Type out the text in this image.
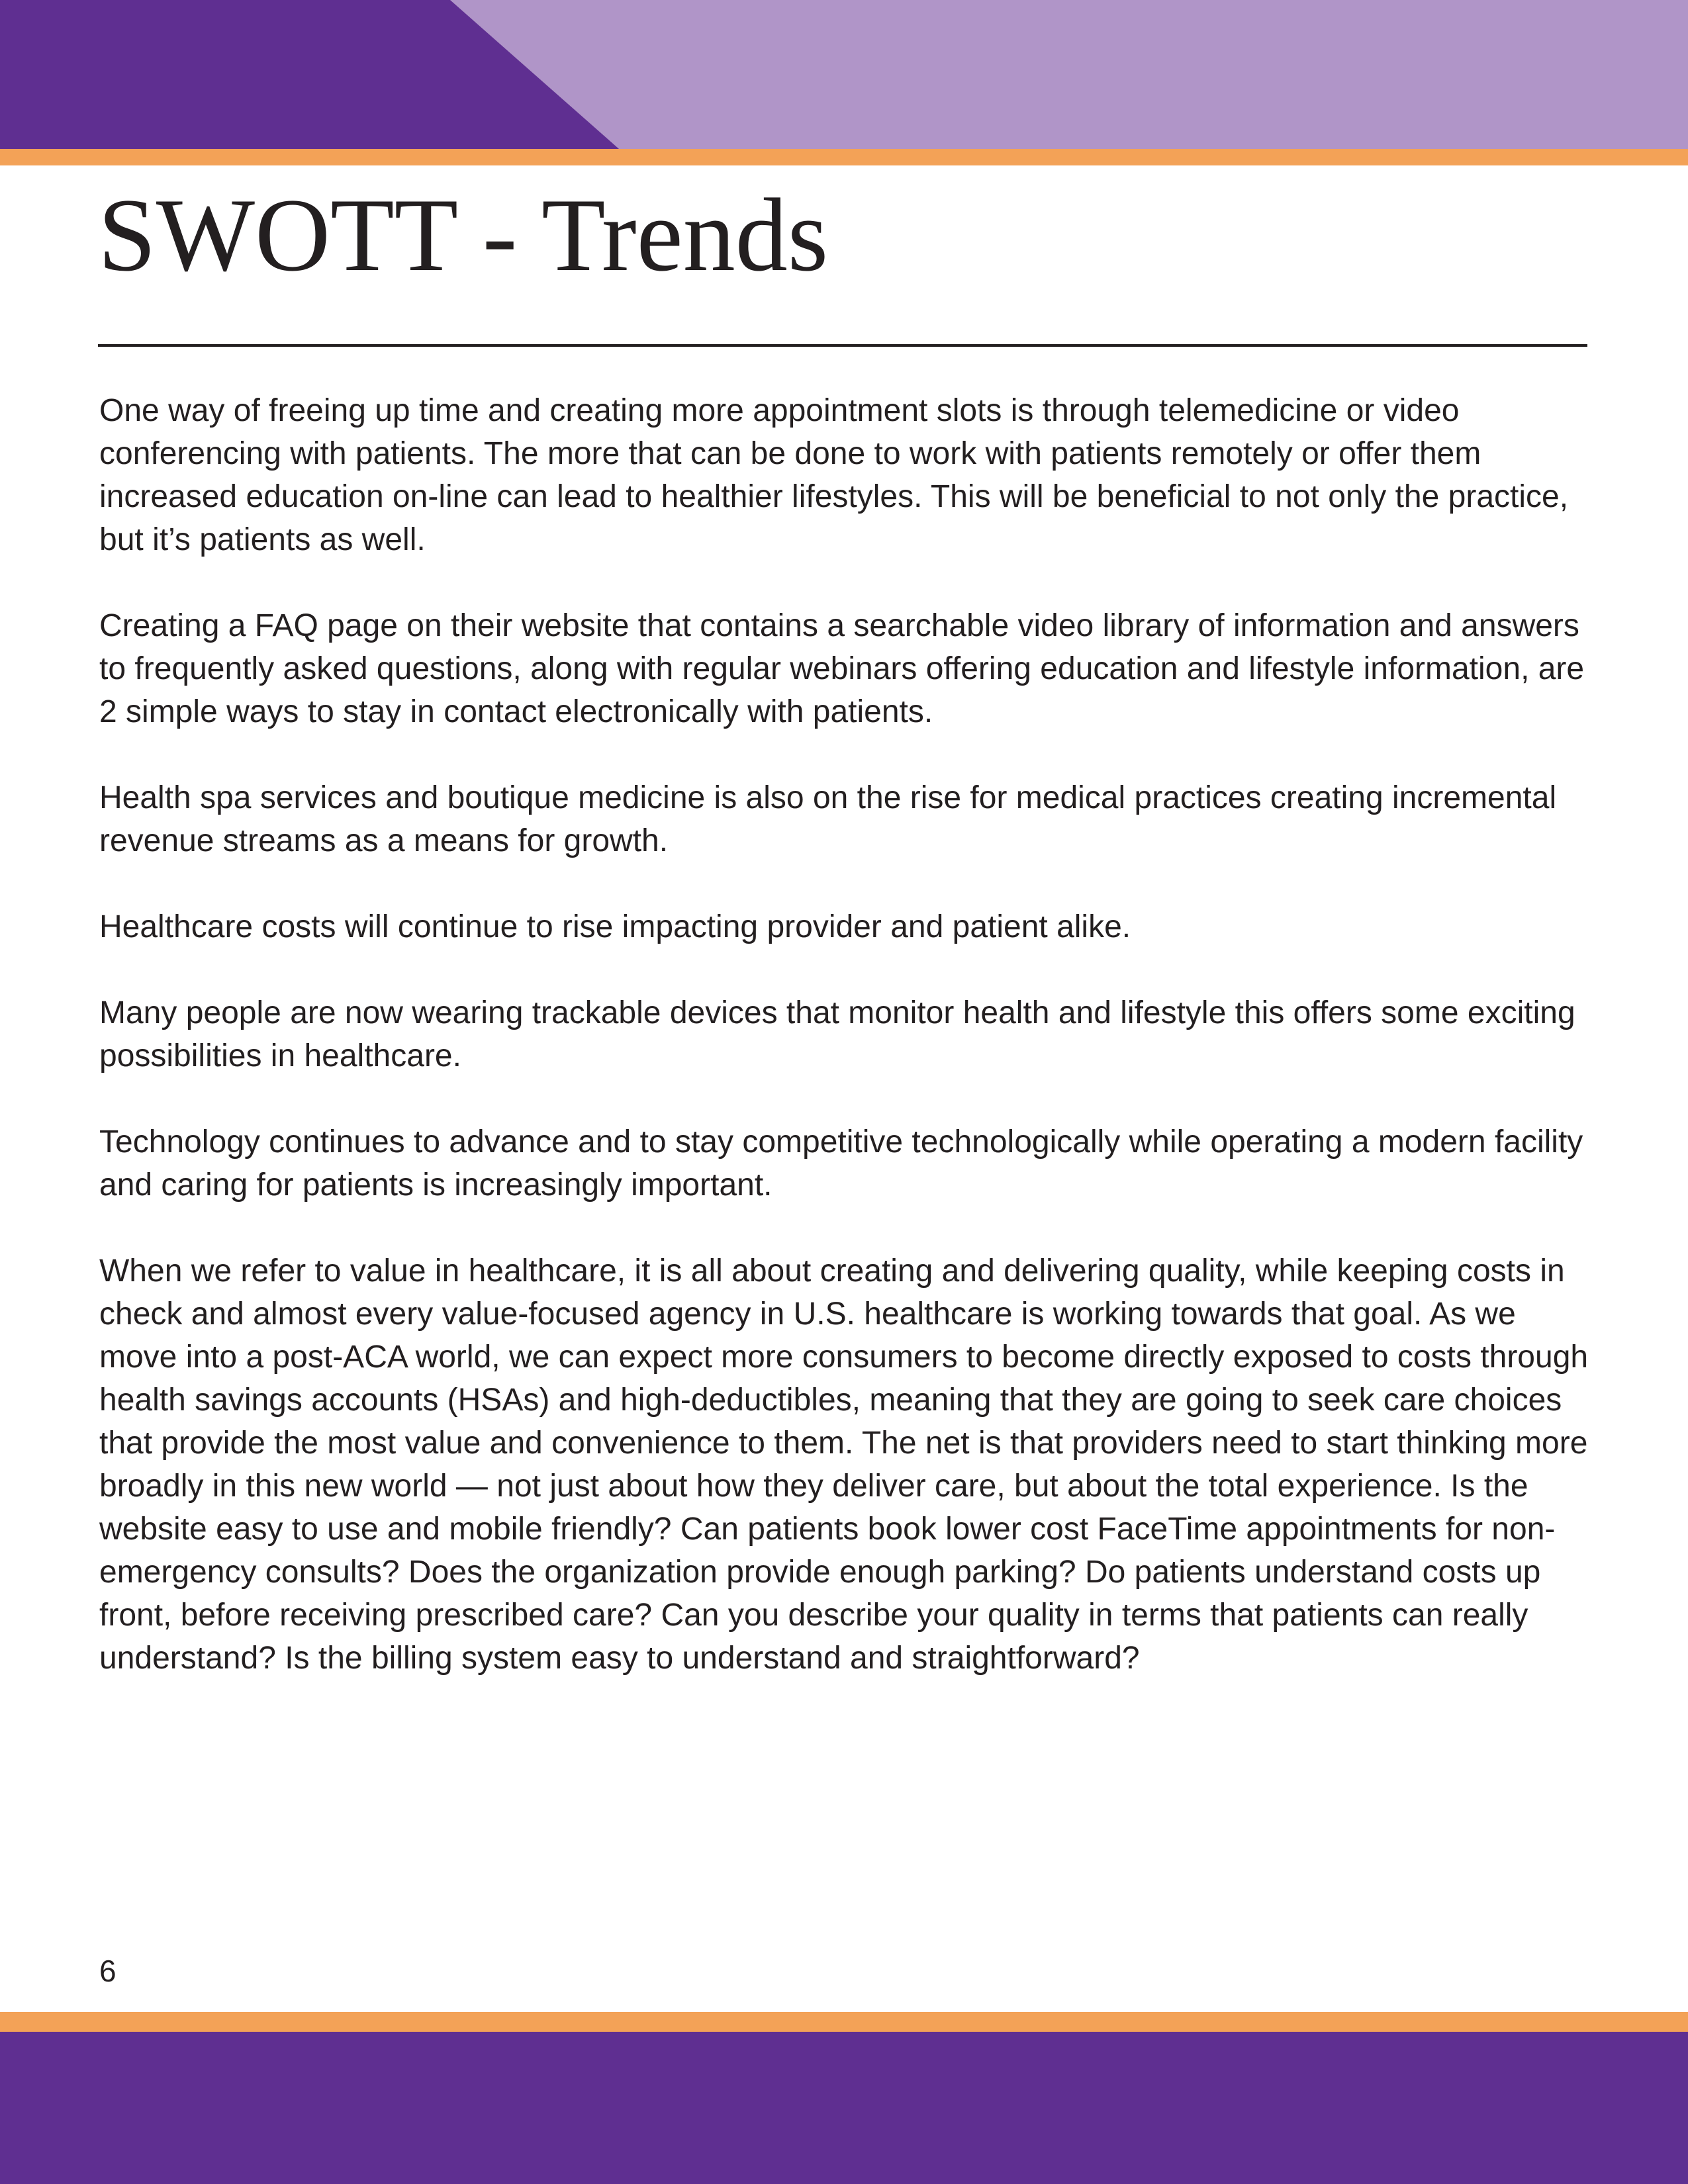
SWOTT - Trends

One way of freeing up time and creating more appointment slots is through telemedicine or video conferencing with patients. The more that can be done to work with patients remotely or offer them increased education on-line can lead to healthier lifestyles. This will be beneficial to not only the practice, but it’s patients as well.

Creating a FAQ page on their website that contains a searchable video library of information and answers to frequently asked questions, along with regular webinars offering education and lifestyle information, are 2 simple ways to stay in contact electronically with patients.

Health spa services and boutique medicine is also on the rise for medical practices creating incremental revenue streams as a means for growth.

Healthcare costs will continue to rise impacting provider and patient alike.

Many people are now wearing trackable devices that monitor health and lifestyle this offers some exciting possibilities in healthcare.

Technology continues to advance and to stay competitive technologically while operating a modern facility and caring for patients is increasingly important.

When we refer to value in healthcare, it is all about creating and delivering quality, while keeping costs in check and almost every value-focused agency in U.S. healthcare is working towards that goal. As we move into a post-ACA world, we can expect more consumers to become directly exposed to costs through health savings accounts (HSAs) and high-deductibles, meaning that they are going to seek care choices that provide the most value and convenience to them. The net is that providers need to start thinking more broadly in this new world — not just about how they deliver care, but about the total experience. Is the website easy to use and mobile friendly? Can patients book lower cost FaceTime appointments for non-emergency consults? Does the organization provide enough parking? Do patients understand costs up front, before receiving prescribed care? Can you describe your quality in terms that patients can really understand? Is the billing system easy to understand and straightforward?

6
